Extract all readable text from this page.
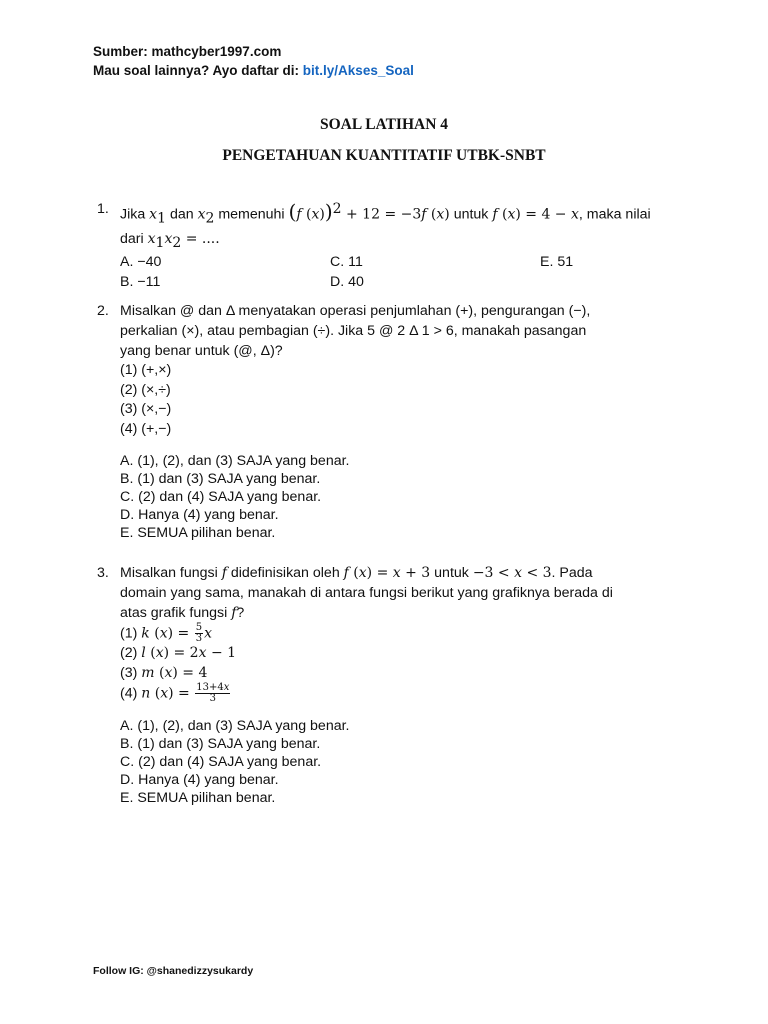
Sumber: mathcyber1997.com
Mau soal lainnya? Ayo daftar di: bit.ly/Akses_Soal
SOAL LATIHAN 4
PENGETAHUAN KUANTITATIF UTBK-SNBT
1. Jika $x_1$ dan $x_2$ memenuhi (f (x))$^2$ + 12 = −3f (x) untuk f (x) = 4 − x, maka nilai
dari $x_1x_2$ = ....
A. −40	C. 11	E. 51
B. −11	D. 40
2. Misalkan @ dan Δ menyatakan operasi penjumlahan (+), pengurangan (−),
perkalian (×), atau pembagian (÷). Jika 5 @ 2 Δ 1 > 6, manakah pasangan
yang benar untuk (@, Δ)?
(1) (+,×)
(2) (×,÷)
(3) (×,−)
(4) (+,−)
A. (1), (2), dan (3) SAJA yang benar.
B. (1) dan (3) SAJA yang benar.
C. (2) dan (4) SAJA yang benar.
D. Hanya (4) yang benar.
E. SEMUA pilihan benar.
3. Misalkan fungsi f didefinisikan oleh f (x) = x + 3 untuk −3 < x < 3. Pada
domain yang sama, manakah di antara fungsi berikut yang grafiknya berada di
atas grafik fungsi f?
(1) k $(x) = \frac{5}{3}$ x
(2) l (x) = 2x − 1
(3) m (x) = 4
(4) n $(x) = \frac{13+4x}{3}$
A. (1), (2), dan (3) SAJA yang benar.
B. (1) dan (3) SAJA yang benar.
C. (2) dan (4) SAJA yang benar.
D. Hanya (4) yang benar.
E. SEMUA pilihan benar.
Follow IG: @shanedizzysukardy
